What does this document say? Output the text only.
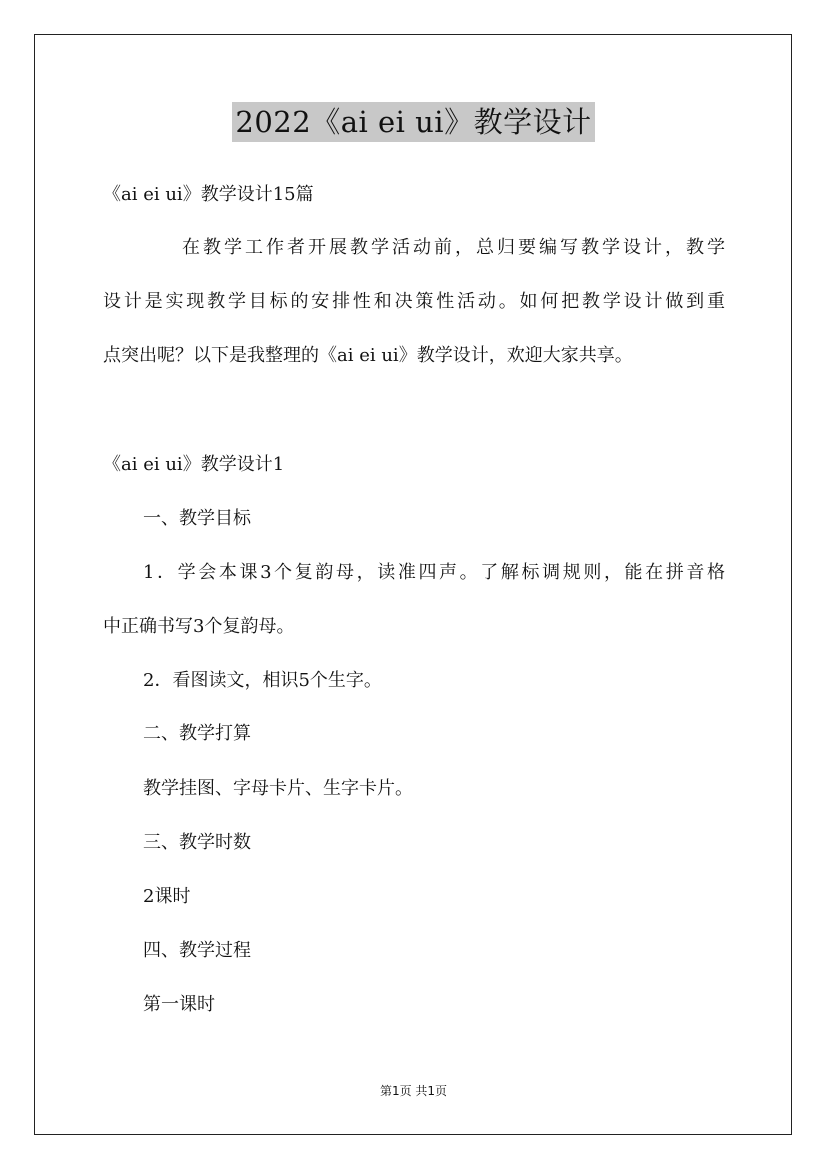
2022《ai ei ui》教学设计
《ai ei ui》教学设计15篇
在教学工作者开展教学活动前，总归要编写教学设计，教学
设计是实现教学目标的安排性和决策性活动。如何把教学设计做到重
点突出呢？以下是我整理的《ai ei ui》教学设计，欢迎大家共享。
《ai ei ui》教学设计1
一、教学目标
1．学会本课3个复韵母，读准四声。了解标调规则，能在拼音格
中正确书写3个复韵母。
2．看图读文，相识5个生字。
二、教学打算
教学挂图、字母卡片、生字卡片。
三、教学时数
2课时
四、教学过程
第一课时
第1页 共1页
